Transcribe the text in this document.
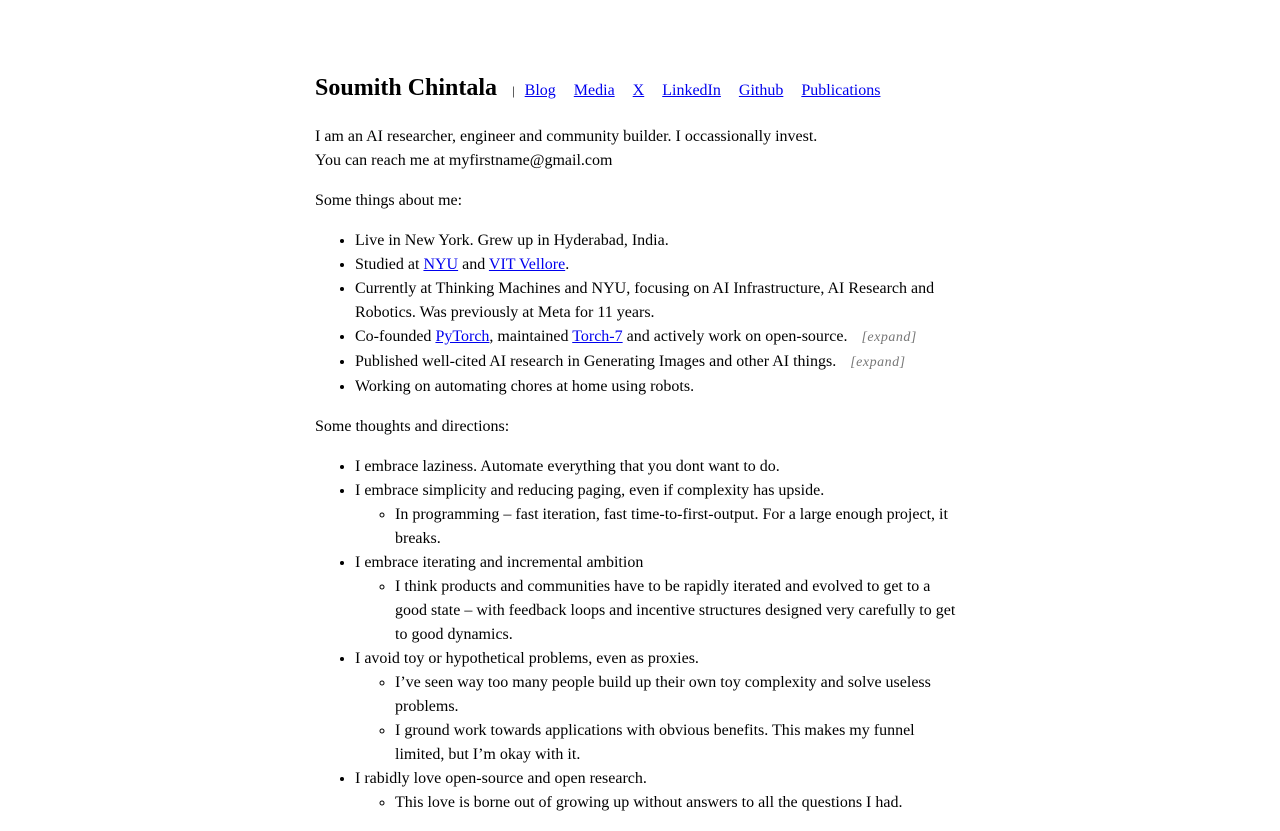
Soumith Chintala | Blog Media X LinkedIn Github Publications

I am an AI researcher, engineer and community builder. I occassionally invest.
You can reach me at myfirstname@gmail.com

Some things about me:

• Live in New York. Grew up in Hyderabad, India.
• Studied at NYU and VIT Vellore.
• Currently at Thinking Machines and NYU, focusing on AI Infrastructure, AI Research and Robotics. Was previously at Meta for 11 years.
• Co-founded PyTorch, maintained Torch-7 and actively work on open-source. [expand]
• Published well-cited AI research in Generating Images and other AI things. [expand]
• Working on automating chores at home using robots.

Some thoughts and directions:

• I embrace laziness. Automate everything that you dont want to do.
• I embrace simplicity and reducing paging, even if complexity has upside.
◦ In programming – fast iteration, fast time-to-first-output. For a large enough project, it breaks.
• I embrace iterating and incremental ambition
◦ I think products and communities have to be rapidly iterated and evolved to get to a good state – with feedback loops and incentive structures designed very carefully to get to good dynamics.
• I avoid toy or hypothetical problems, even as proxies.
◦ I’ve seen way too many people build up their own toy complexity and solve useless problems.
◦ I ground work towards applications with obvious benefits. This makes my funnel limited, but I’m okay with it.
• I rabidly love open-source and open research.
◦ This love is borne out of growing up without answers to all the questions I had.
